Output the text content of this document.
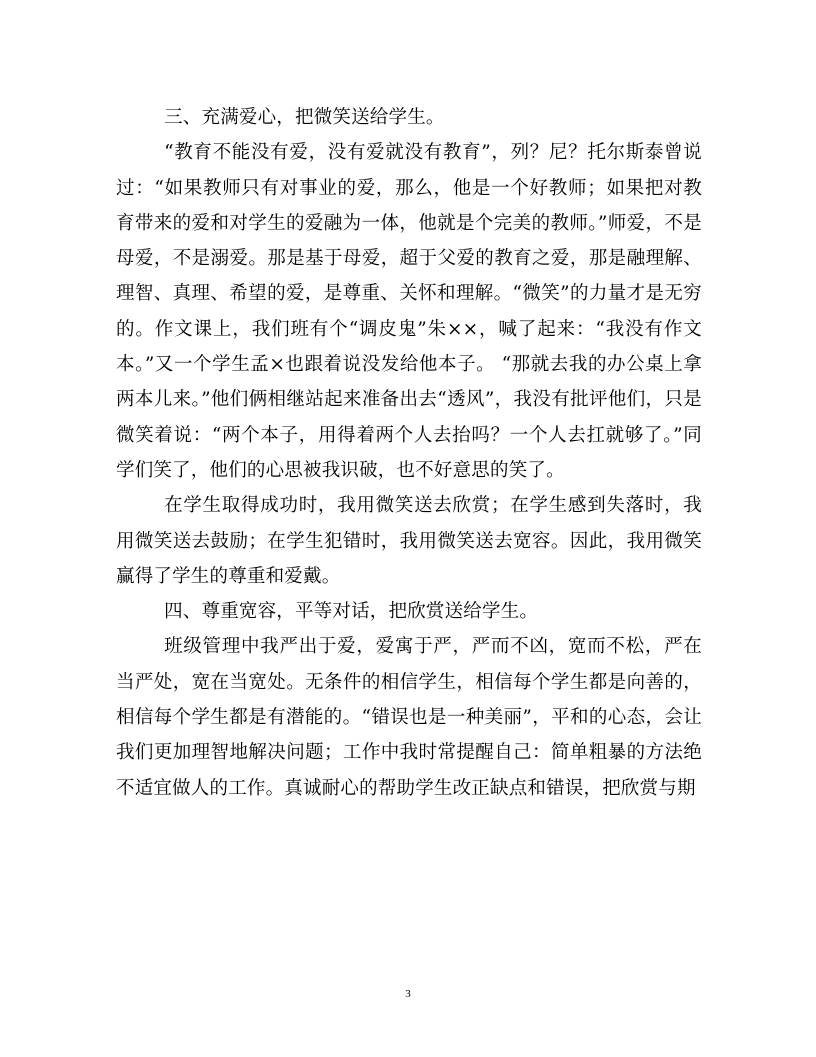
三、充满爱心，把微笑送给学生。

“教育不能没有爱，没有爱就没有教育”，列？尼？托尔斯泰曾说过：“如果教师只有对事业的爱，那么，他是一个好教师；如果把对教育带来的爱和对学生的爱融为一体，他就是个完美的教师。”师爱，不是母爱，不是溺爱。那是基于母爱，超于父爱的教育之爱，那是融理解、理智、真理、希望的爱，是尊重、关怀和理解。“微笑”的力量才是无穷的。作文课上，我们班有个“调皮鬼”朱××，喊了起来：“我没有作文本。”又一个学生孟×也跟着说没发给他本子。 “那就去我的办公桌上拿两本儿来。”他们俩相继站起来准备出去“透风”，我没有批评他们，只是微笑着说：“两个本子，用得着两个人去抬吗？一个人去扛就够了。”同学们笑了，他们的心思被我识破，也不好意思的笑了。

在学生取得成功时，我用微笑送去欣赏；在学生感到失落时，我用微笑送去鼓励；在学生犯错时，我用微笑送去宽容。因此，我用微笑赢得了学生的尊重和爱戴。

四、尊重宽容，平等对话，把欣赏送给学生。

班级管理中我严出于爱，爱寓于严，严而不凶，宽而不松，严在当严处，宽在当宽处。无条件的相信学生，相信每个学生都是向善的，相信每个学生都是有潜能的。“错误也是一种美丽”，平和的心态，会让我们更加理智地解决问题；工作中我时常提醒自己：简单粗暴的方法绝不适宜做人的工作。真诚耐心的帮助学生改正缺点和错误，把欣赏与期

3
